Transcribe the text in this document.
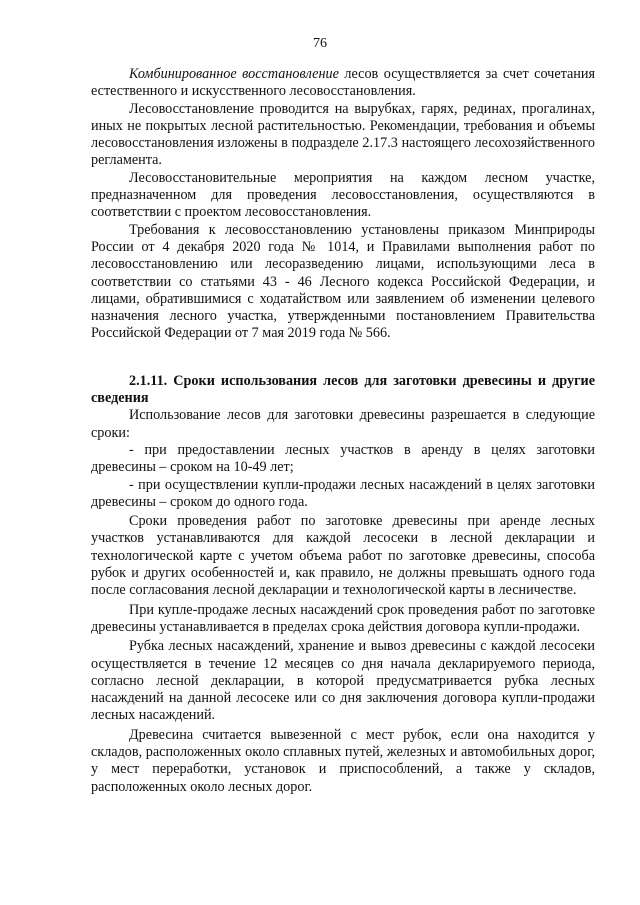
76

Комбинированное восстановление лесов осуществляется за счет сочетания естественного и искусственного лесовосстановления.

Лесовосстановление проводится на вырубках, гарях, рединах, прогалинах, иных не покрытых лесной растительностью. Рекомендации, требования и объемы лесовосстановления изложены в подразделе 2.17.3 настоящего лесохозяйственного регламента.

Лесовосстановительные мероприятия на каждом лесном участке, предназначенном для проведения лесовосстановления, осуществляются в соответствии с проектом лесовосстановления.

Требования к лесовосстановлению установлены приказом Минприроды России от 4 декабря 2020 года № 1014, и Правилами выполнения работ по лесовосстановлению или лесоразведению лицами, использующими леса в соответствии со статьями 43 - 46 Лесного кодекса Российской Федерации, и лицами, обратившимися с ходатайством или заявлением об изменении целевого назначения лесного участка, утвержденными постановлением Правительства Российской Федерации от 7 мая 2019 года № 566.

2.1.11. Сроки использования лесов для заготовки древесины и другие сведения

Использование лесов для заготовки древесины разрешается в следующие сроки:

- при предоставлении лесных участков в аренду в целях заготовки древесины – сроком на 10-49 лет;

- при осуществлении купли-продажи лесных насаждений в целях заготовки древесины – сроком до одного года.

Сроки проведения работ по заготовке древесины при аренде лесных участков устанавливаются для каждой лесосеки в лесной декларации и технологической карте с учетом объема работ по заготовке древесины, способа рубок и других особенностей и, как правило, не должны превышать одного года после согласования лесной декларации и технологической карты в лесничестве.

При купле-продаже лесных насаждений срок проведения работ по заготовке древесины устанавливается в пределах срока действия договора купли-продажи.

Рубка лесных насаждений, хранение и вывоз древесины с каждой лесосеки осуществляется в течение 12 месяцев со дня начала декларируемого периода, согласно лесной декларации, в которой предусматривается рубка лесных насаждений на данной лесосеке или со дня заключения договора купли-продажи лесных насаждений.

Древесина считается вывезенной с мест рубок, если она находится у складов, расположенных около сплавных путей, железных и автомобильных дорог, у мест переработки, установок и приспособлений, а также у складов, расположенных около лесных дорог.
